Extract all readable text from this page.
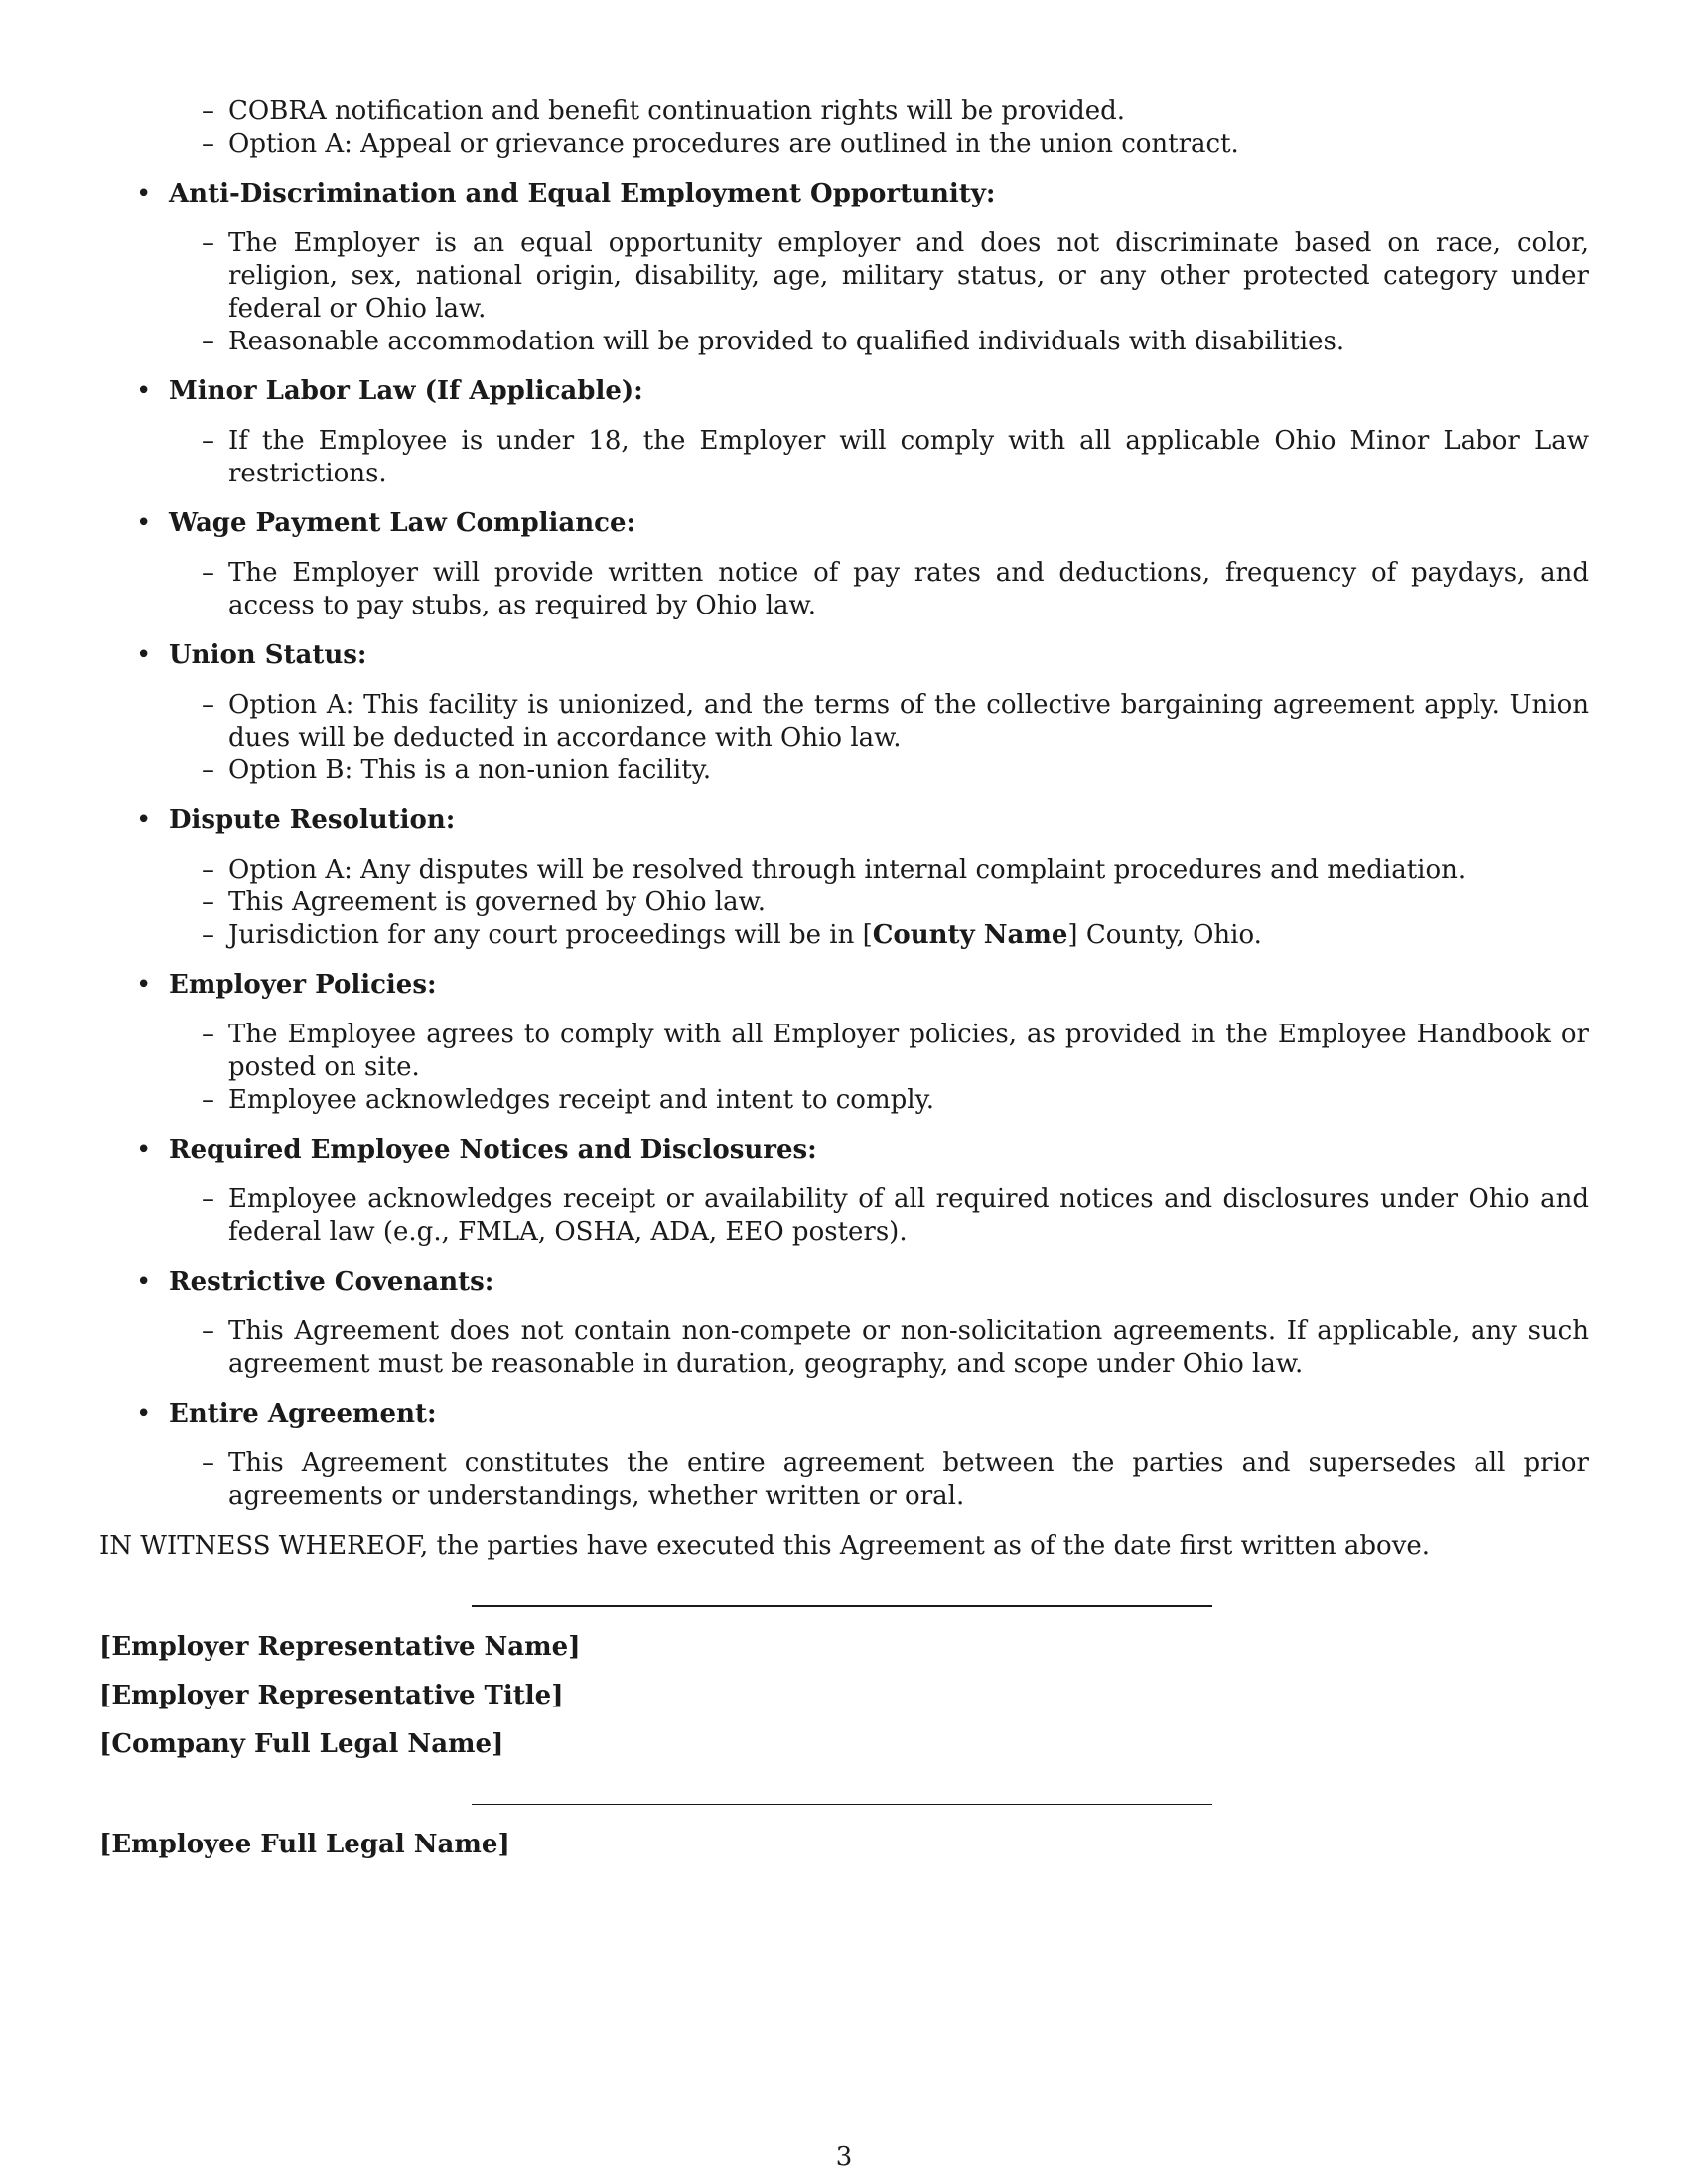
– COBRA notification and benefit continuation rights will be provided.
– Option A: Appeal or grievance procedures are outlined in the union contract.
• Anti-Discrimination and Equal Employment Opportunity:
– The Employer is an equal opportunity employer and does not discriminate based on race, color, religion, sex, national origin, disability, age, military status, or any other protected category under federal or Ohio law.
– Reasonable accommodation will be provided to qualified individuals with disabilities.
• Minor Labor Law (If Applicable):
– If the Employee is under 18, the Employer will comply with all applicable Ohio Minor Labor Law restrictions.
• Wage Payment Law Compliance:
– The Employer will provide written notice of pay rates and deductions, frequency of paydays, and access to pay stubs, as required by Ohio law.
• Union Status:
– Option A: This facility is unionized, and the terms of the collective bargaining agreement apply. Union dues will be deducted in accordance with Ohio law.
– Option B: This is a non-union facility.
• Dispute Resolution:
– Option A: Any disputes will be resolved through internal complaint procedures and mediation.
– This Agreement is governed by Ohio law.
– Jurisdiction for any court proceedings will be in [County Name] County, Ohio.
• Employer Policies:
– The Employee agrees to comply with all Employer policies, as provided in the Employee Handbook or posted on site.
– Employee acknowledges receipt and intent to comply.
• Required Employee Notices and Disclosures:
– Employee acknowledges receipt or availability of all required notices and disclosures under Ohio and federal law (e.g., FMLA, OSHA, ADA, EEO posters).
• Restrictive Covenants:
– This Agreement does not contain non-compete or non-solicitation agreements. If applicable, any such agreement must be reasonable in duration, geography, and scope under Ohio law.
• Entire Agreement:
– This Agreement constitutes the entire agreement between the parties and supersedes all prior agreements or understandings, whether written or oral.
IN WITNESS WHEREOF, the parties have executed this Agreement as of the date first written above.
[Employer Representative Name]
[Employer Representative Title]
[Company Full Legal Name]
[Employee Full Legal Name]
3
